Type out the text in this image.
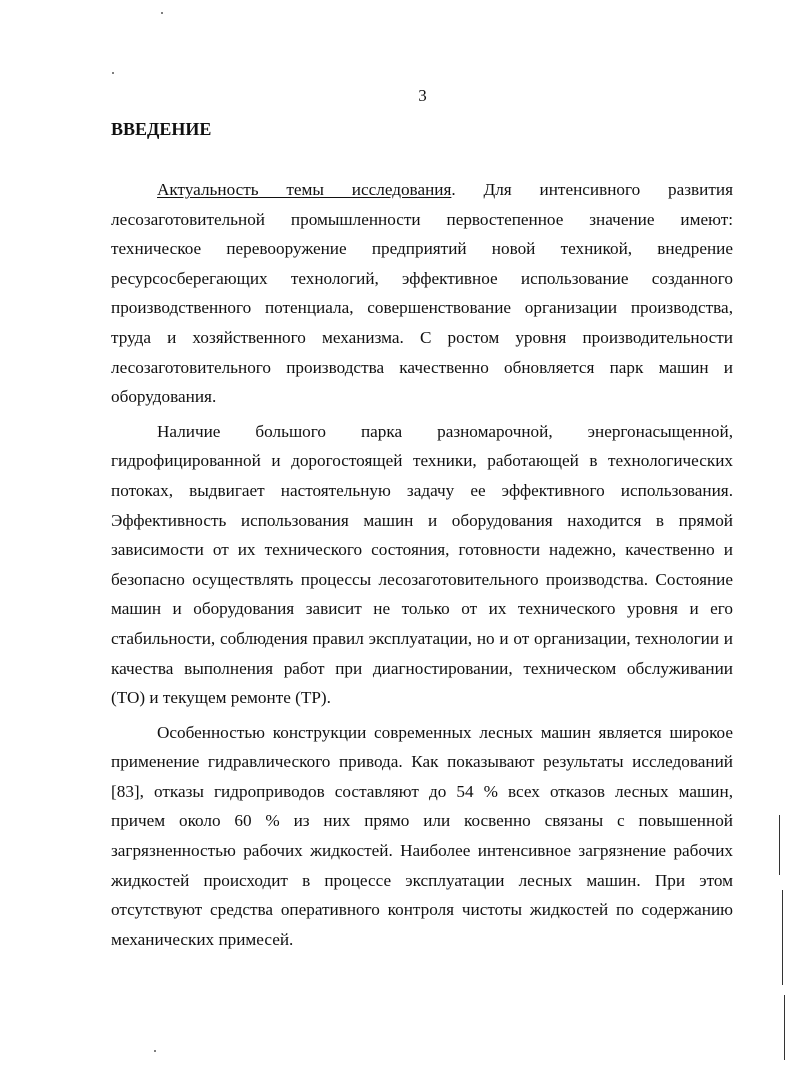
3
ВВЕДЕНИЕ

Актуальность темы исследования. Для интенсивного развития лесозаготовительной промышленности первостепенное значение имеют: техническое перевооружение предприятий новой техникой, внедрение ресурсосберегающих технологий, эффективное использование созданного производственного потенциала, совершенствование организации производства, труда и хозяйственного механизма. С ростом уровня производительности лесозаготовительного производства качественно обновляется парк машин и оборудования.

Наличие большого парка разномарочной, энергонасыщенной, гидрофицированной и дорогостоящей техники, работающей в технологических потоках, выдвигает настоятельную задачу ее эффективного использования. Эффективность использования машин и оборудования находится в прямой зависимости от их технического состояния, готовности надежно, качественно и безопасно осуществлять процессы лесозаготовительного производства. Состояние машин и оборудования зависит не только от их технического уровня и его стабильности, соблюдения правил эксплуатации, но и от организации, технологии и качества выполнения работ при диагностировании, техническом обслуживании (ТО) и текущем ремонте (ТР).

Особенностью конструкции современных лесных машин является широкое применение гидравлического привода. Как показывают результаты исследований [83], отказы гидроприводов составляют до 54 % всех отказов лесных машин, причем около 60 % из них прямо или косвенно связаны с повышенной загрязненностью рабочих жидкостей. Наиболее интенсивное загрязнение рабочих жидкостей происходит в процессе эксплуатации лесных машин. При этом отсутствуют средства оперативного контроля чистоты жидкостей по содержанию механических примесей.
